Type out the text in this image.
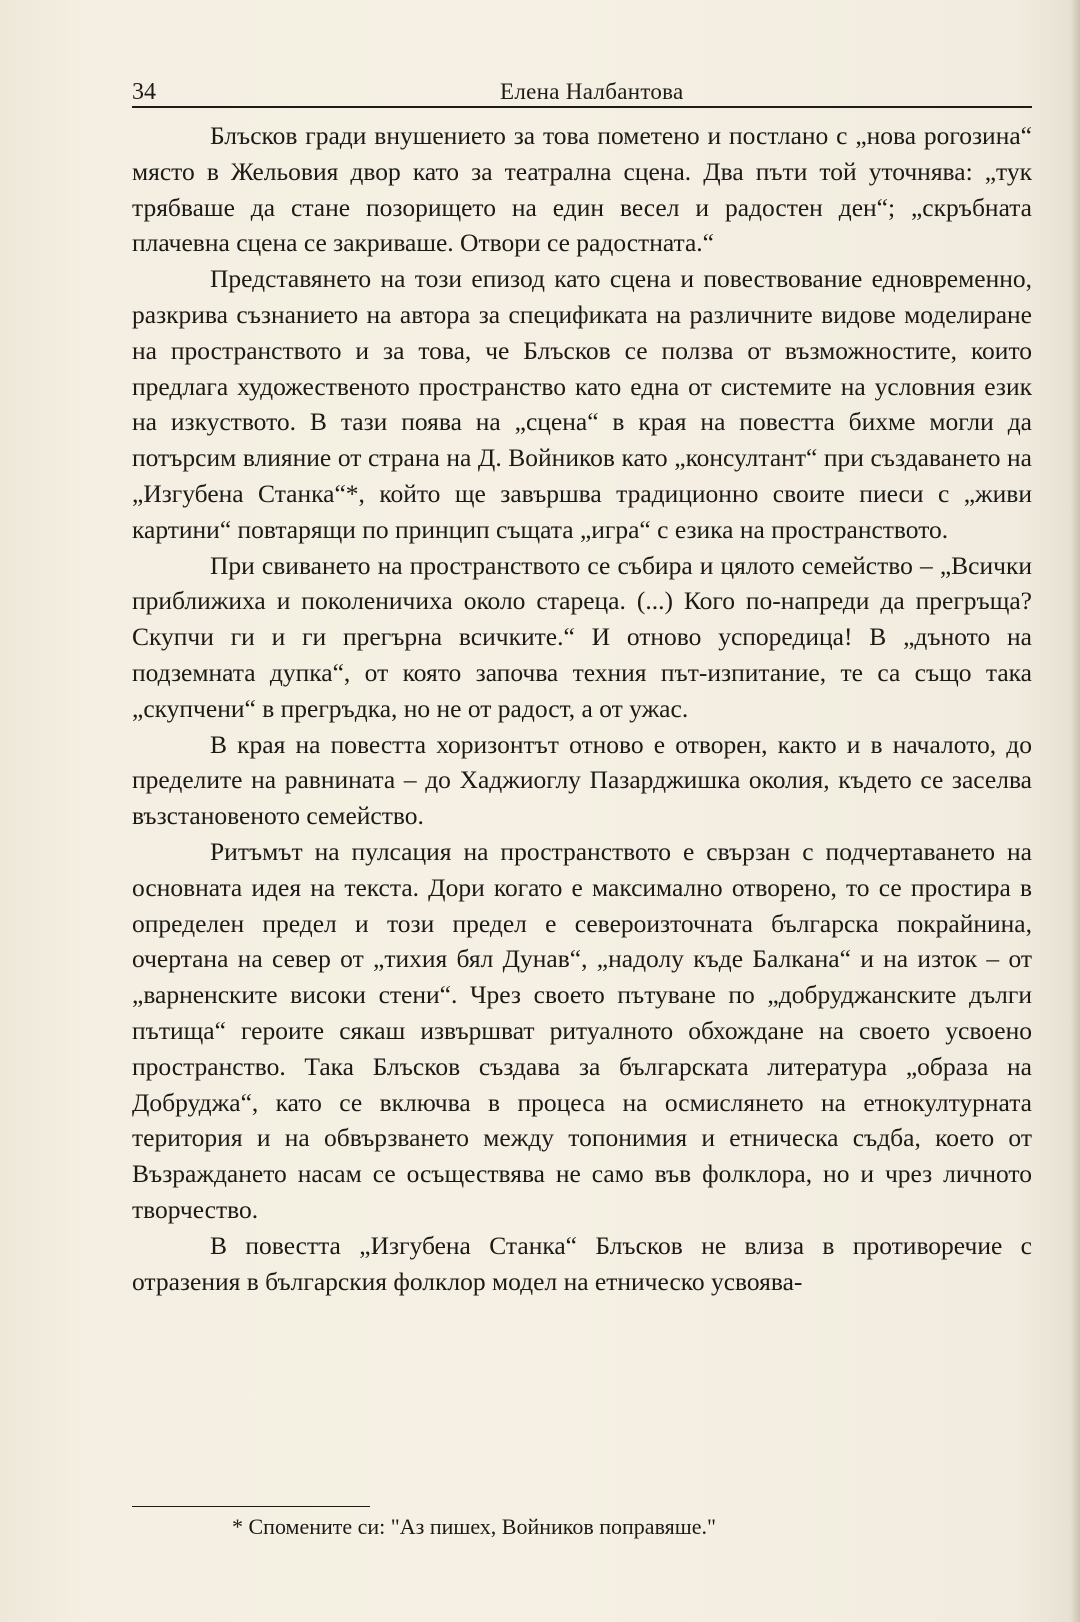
34	Елена Налбантова

Блъсков гради внушението за това пометено и постлано с „нова рогозина“ място в Жельовия двор като за театрална сцена. Два пъти той уточнява: „тук трябваше да стане позорището на един весел и радостен ден“; „скръбната плачевна сцена се закриваше. Отвори се радостната.“

Представянето на този епизод като сцена и повествование едновременно, разкрива съзнанието на автора за спецификата на различните видове моделиране на пространството и за това, че Блъсков се ползва от възможностите, които предлага художественото пространство като една от системите на условния език на изкуството. В тази поява на „сцена“ в края на повестта бихме могли да потърсим влияние от страна на Д. Войников като „консултант“ при създаването на „Изгубена Станка“*, който ще завършва традиционно своите пиеси с „живи картини“ повтарящи по принцип същата „игра“ с езика на пространството.

При свиването на пространството се събира и цялото семейство – „Всички приближиха и поколеничиха около стареца. (...) Кого по-напреди да прегръща? Скупчи ги и ги прегърна всичките.“ И отново успоредица! В „дъното на подземната дупка“, от която започва техния път-изпитание, те са също така „скупчени“ в прегръдка, но не от радост, а от ужас.

В края на повестта хоризонтът отново е отворен, както и в началото, до пределите на равнината – до Хаджиоглу Пазарджишка околия, където се заселва възстановеното семейство.

Ритъмът на пулсация на пространството е свързан с подчертаването на основната идея на текста. Дори когато е максимално отворено, то се простира в определен предел и този предел е североизточната българска покрайнина, очертана на север от „тихия бял Дунав“, „надолу къде Балкана“ и на изток – от „варненските високи стени“. Чрез своето пътуване по „добруджанските дълги пътища“ героите сякаш извършват ритуалното обхождане на своето усвоено пространство. Така Блъсков създава за българската литература „образа на Добруджа“, като се включва в процеса на осмислянето на етнокултурната територия и на обвързването между топонимия и етническа съдба, което от Възраждането насам се осъществява не само във фолклора, но и чрез личното творчество.

В повестта „Изгубена Станка“ Блъсков не влиза в противоречие с отразения в българския фолклор модел на етническо усвоява-

* Спомените си: "Аз пишех, Войников поправяше."
